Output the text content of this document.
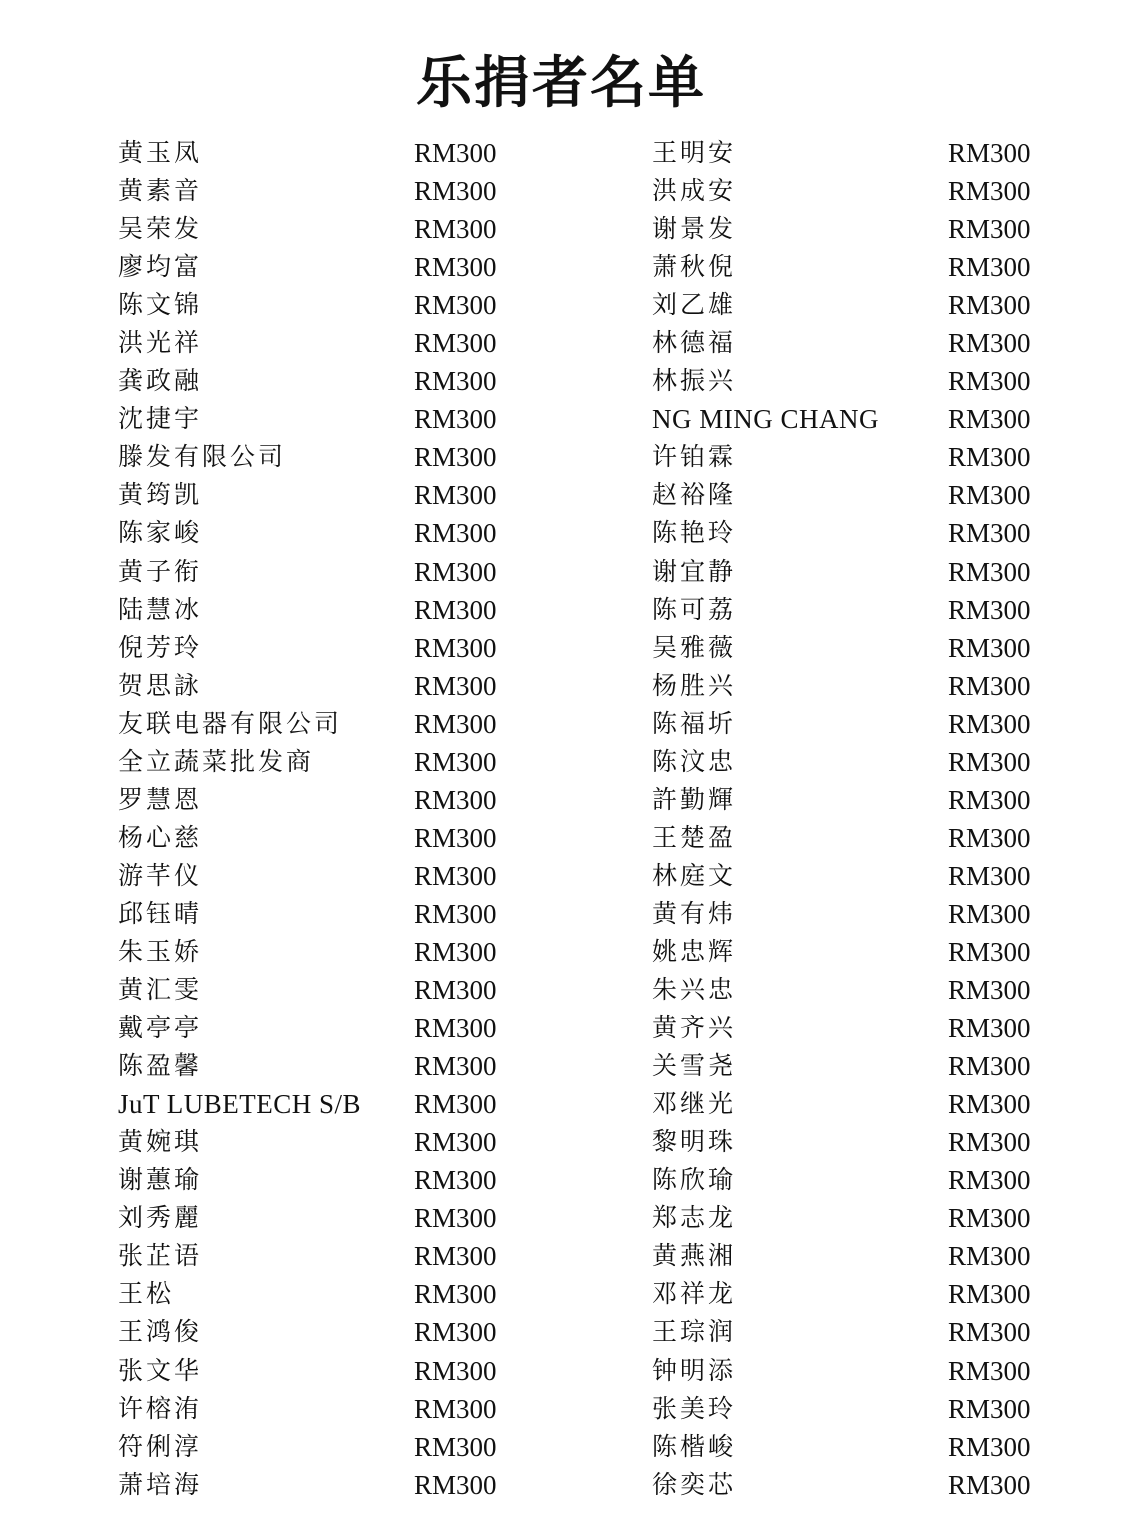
乐捐者名单
黄玉凤	RM300
黄素音	RM300
吴荣发	RM300
廖均富	RM300
陈文锦	RM300
洪光祥	RM300
龚政融	RM300
沈捷宇	RM300
滕发有限公司	RM300
黄筠凯	RM300
陈家峻	RM300
黄子衔	RM300
陆慧冰	RM300
倪芳玲	RM300
贺思詠	RM300
友联电器有限公司	RM300
全立蔬菜批发商	RM300
罗慧恩	RM300
杨心慈	RM300
游芊仪	RM300
邱钰晴	RM300
朱玉娇	RM300
黄汇雯	RM300
戴亭亭	RM300
陈盈馨	RM300
JuT LUBETECH S/B RM300
黄婉琪	RM300
谢蕙瑜	RM300
刘秀麗	RM300
张芷语	RM300
王松	RM300
王鸿俊	RM300
张文华	RM300
许榕洧	RM300
符俐淳	RM300
萧培海	RM300
王明安	RM300
洪成安	RM300
谢景发	RM300
萧秋倪	RM300
刘乙雄	RM300
林德福	RM300
林振兴	RM300
NG MING CHANG	RM300
许铂霖	RM300
赵裕隆	RM300
陈艳玲	RM300
谢宜静	RM300
陈可荔	RM300
吴雅薇	RM300
杨胜兴	RM300
陈福圻	RM300
陈汶忠	RM300
許勤輝	RM300
王楚盈	RM300
林庭文	RM300
黄有炜	RM300
姚忠辉	RM300
朱兴忠	RM300
黄齐兴	RM300
关雪尧	RM300
邓继光	RM300
黎明珠	RM300
陈欣瑜	RM300
郑志龙	RM300
黄燕湘	RM300
邓祥龙	RM300
王琮润	RM300
钟明添	RM300
张美玲	RM300
陈楷峻	RM300
徐奕芯	RM300
